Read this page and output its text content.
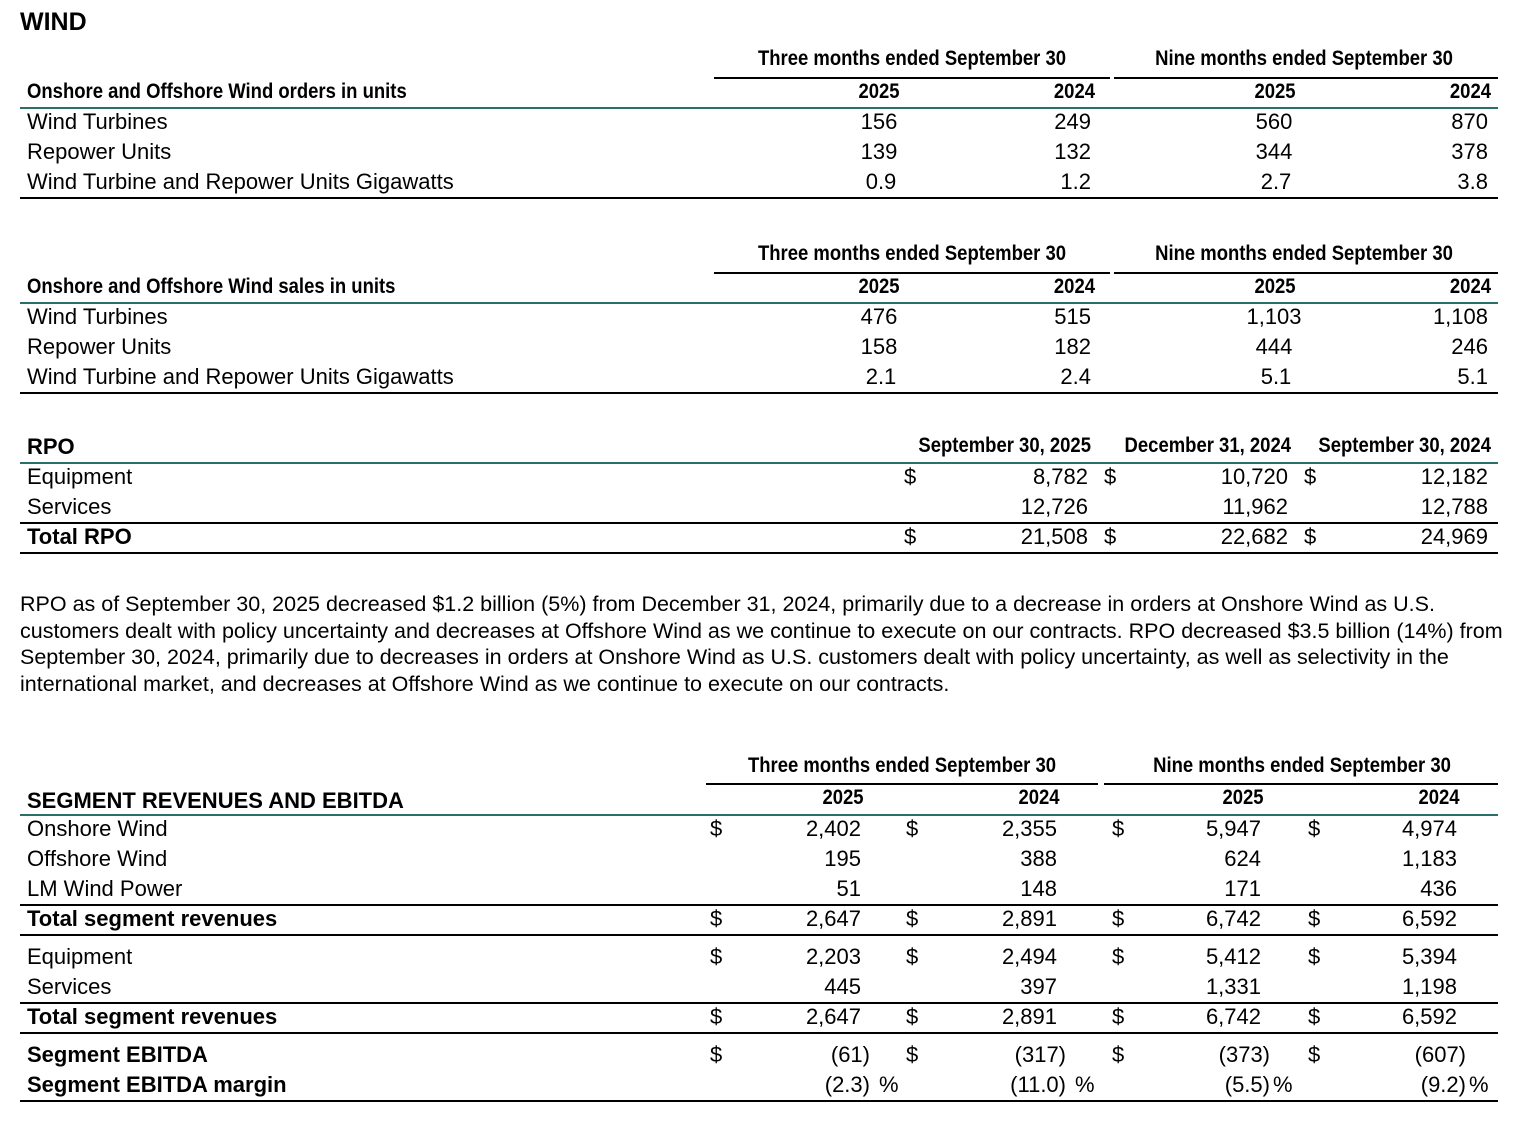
WIND
Three months ended September 30	Nine months ended September 30
Onshore and Offshore Wind orders in units	2025	2024	2025	2024
Wind Turbines	156	249	560	870
Repower Units	139	132	344	378
Wind Turbine and Repower Units Gigawatts	0.9	1.2	2.7	3.8
Three months ended September 30	Nine months ended September 30
Onshore and Offshore Wind sales in units	2025	2024	2025	2024
Wind Turbines	476	515	1,103	1,108
Repower Units	158	182	444	246
Wind Turbine and Repower Units Gigawatts	2.1	2.4	5.1	5.1
RPO	September 30, 2025 December 31, 2024 September 30, 2024
Equipment	$	8,782 $	10,720 $	12,182
Services	12,726	11,962	12,788
Total RPO	$	21,508 $	22,682 $	24,969
RPO as of September 30, 2025 decreased $1.2 billion (5%) from December 31, 2024, primarily due to a decrease in orders at Onshore Wind as U.S. customers dealt with policy uncertainty and decreases at Offshore Wind as we continue to execute on our contracts. RPO decreased $3.5 billion (14%) from September 30, 2024, primarily due to decreases in orders at Onshore Wind as U.S. customers dealt with policy uncertainty, as well as selectivity in the international market, and decreases at Offshore Wind as we continue to execute on our contracts.
Three months ended September 30	Nine months ended September 30
SEGMENT REVENUES AND EBITDA	2025	2024	2025	2024
Onshore Wind	$	2,402 $	2,355	$	5,947 $	4,974
Offshore Wind	195	388	624	1,183
LM Wind Power	51	148	171	436
Total segment revenues	$	2,647 $	2,891	$	6,742 $	6,592
Equipment	$	2,203 $	2,494	$	5,412 $	5,394
Services	445	397	1,331	1,198
Total segment revenues	$	2,647 $	2,891	$	6,742 $	6,592
Segment EBITDA	$	(61) $	(317) $	(373) $	(607)
Segment EBITDA margin	(2.3) %	(11.0) %	(5.5) %	(9.2) %
